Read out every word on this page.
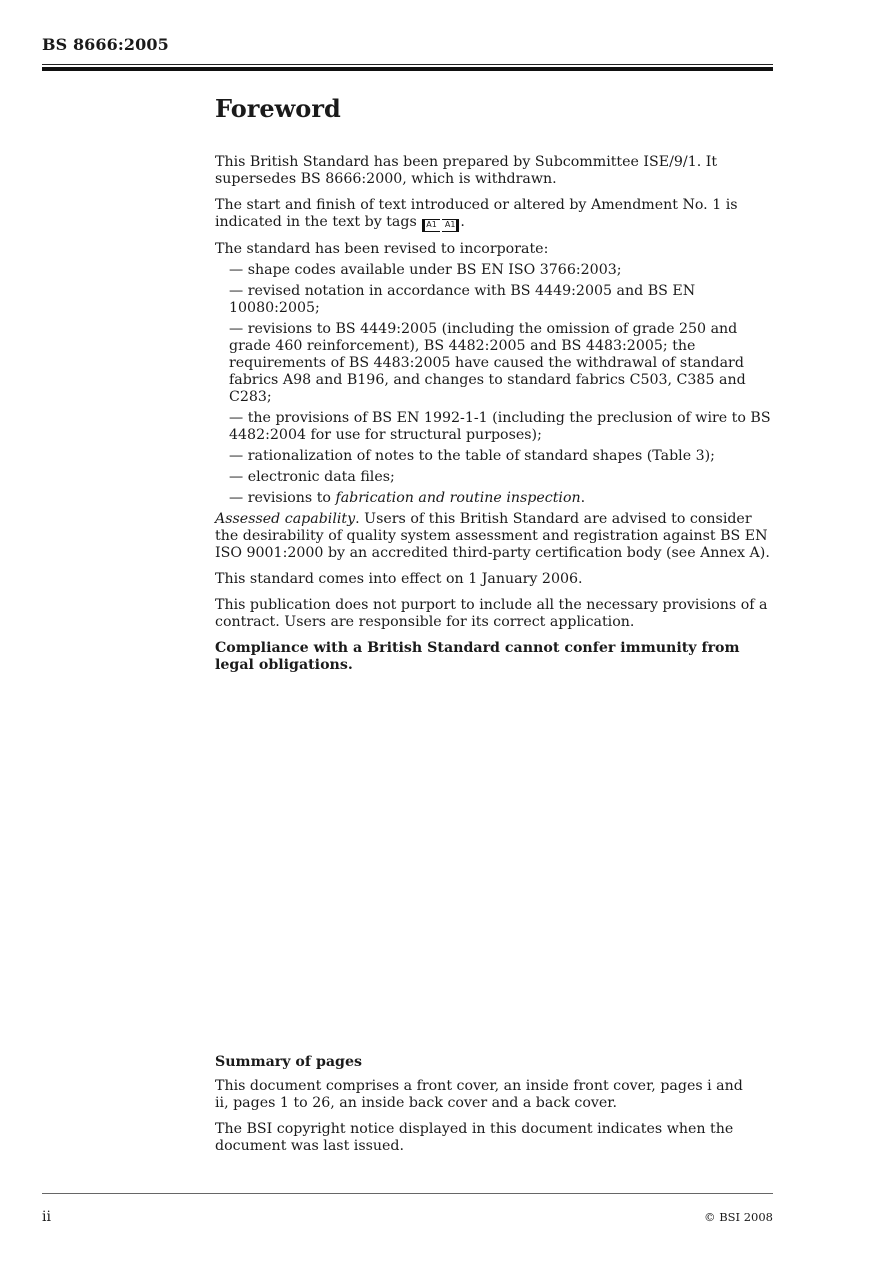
BS 8666:2005
Foreword

This British Standard has been prepared by Subcommittee ISE/9/1. It supersedes BS 8666:2000, which is withdrawn.

The start and finish of text introduced or altered by Amendment No. 1 is indicated in the text by tags A1 A1 .

The standard has been revised to incorporate:

— shape codes available under BS EN ISO 3766:2003;

— revised notation in accordance with BS 4449:2005 and BS EN 10080:2005;

— revisions to BS 4449:2005 (including the omission of grade 250 and grade 460 reinforcement), BS 4482:2005 and BS 4483:2005; the requirements of BS 4483:2005 have caused the withdrawal of standard fabrics A98 and B196, and changes to standard fabrics C503, C385 and C283;

— the provisions of BS EN 1992-1-1 (including the preclusion of wire to BS 4482:2004 for use for structural purposes);

— rationalization of notes to the table of standard shapes (Table 3);

— electronic data files;

— revisions to fabrication and routine inspection.

Assessed capability. Users of this British Standard are advised to consider the desirability of quality system assessment and registration against BS EN ISO 9001:2000 by an accredited third-party certification body (see Annex A).

This standard comes into effect on 1 January 2006.

This publication does not purport to include all the necessary provisions of a contract. Users are responsible for its correct application.

Compliance with a British Standard cannot confer immunity from legal obligations.

Summary of pages

This document comprises a front cover, an inside front cover, pages i and ii, pages 1 to 26, an inside back cover and a back cover.

The BSI copyright notice displayed in this document indicates when the document was last issued.

ii	© BSI 2008
